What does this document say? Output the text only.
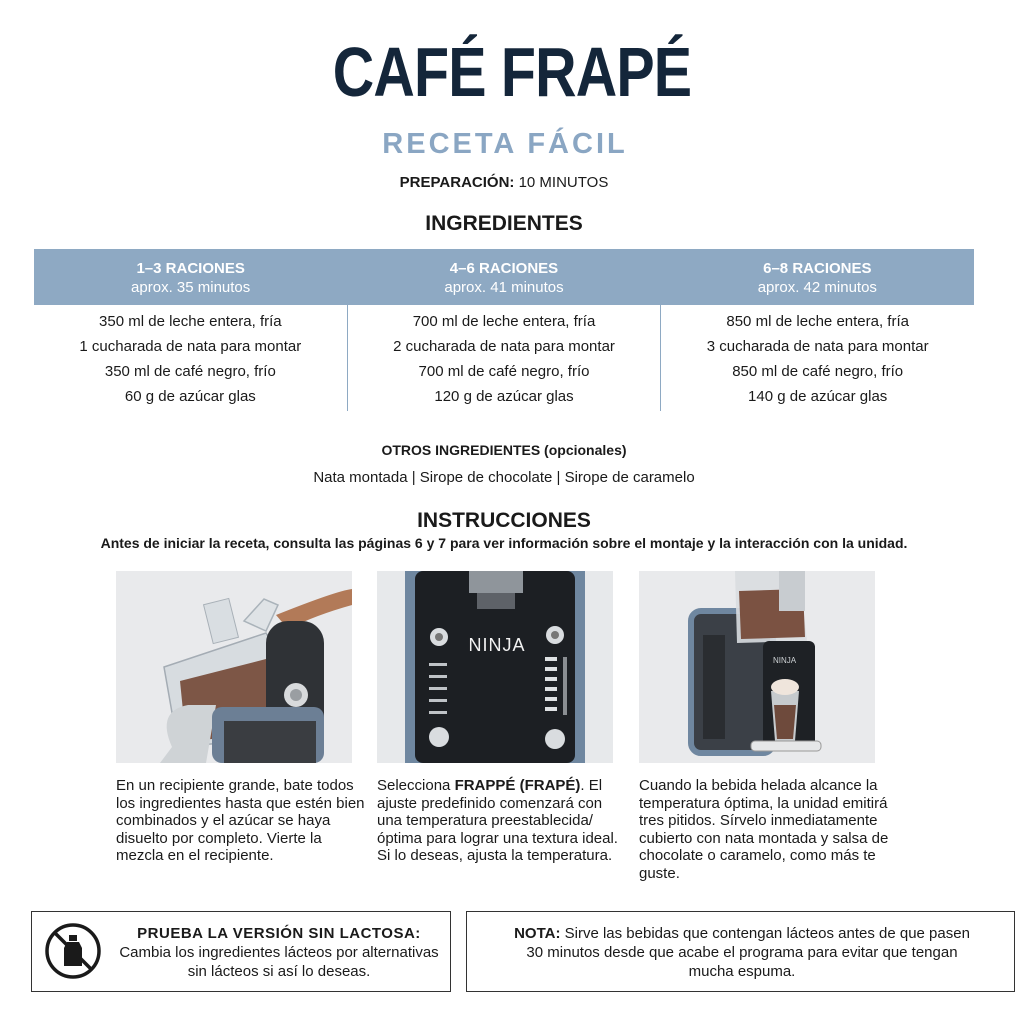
CAFÉ FRAPÉ
RECETA FÁCIL
PREPARACIÓN: 10 MINUTOS
INGREDIENTES
1–3 RACIONES
aprox. 35 minutos
4–6 RACIONES
aprox. 41 minutos
6–8 RACIONES
aprox. 42 minutos
350 ml de leche entera, fría
1 cucharada de nata para montar
350 ml de café negro, frío
60 g de azúcar glas
700 ml de leche entera, fría
2 cucharada de nata para montar
700 ml de café negro, frío
120 g de azúcar glas
850 ml de leche entera, fría
3 cucharada de nata para montar
850 ml de café negro, frío
140 g de azúcar glas
OTROS INGREDIENTES (opcionales)
Nata montada | Sirope de chocolate | Sirope de caramelo
INSTRUCCIONES
Antes de iniciar la receta, consulta las páginas 6 y 7 para ver información sobre el montaje y la interacción con la unidad.
NINJA
NINJA
En un recipiente grande, bate todos los ingredientes hasta que estén bien combinados y el azúcar se haya disuelto por completo. Vierte la mezcla en el recipiente.
Selecciona FRAPPÉ (FRAPÉ). El ajuste predefinido comenzará con una temperatura preestablecida/ óptima para lograr una textura ideal. Si lo deseas, ajusta la temperatura.
Cuando la bebida helada alcance la temperatura óptima, la unidad emitirá tres pitidos. Sírvelo inmediatamente cubierto con nata montada y salsa de chocolate o caramelo, como más te guste.
PRUEBA LA VERSIÓN SIN LACTOSA:
Cambia los ingredientes lácteos por alternativas sin lácteos si así lo deseas.
NOTA: Sirve las bebidas que contengan lácteos antes de que pasen 30 minutos desde que acabe el programa para evitar que tengan mucha espuma.
